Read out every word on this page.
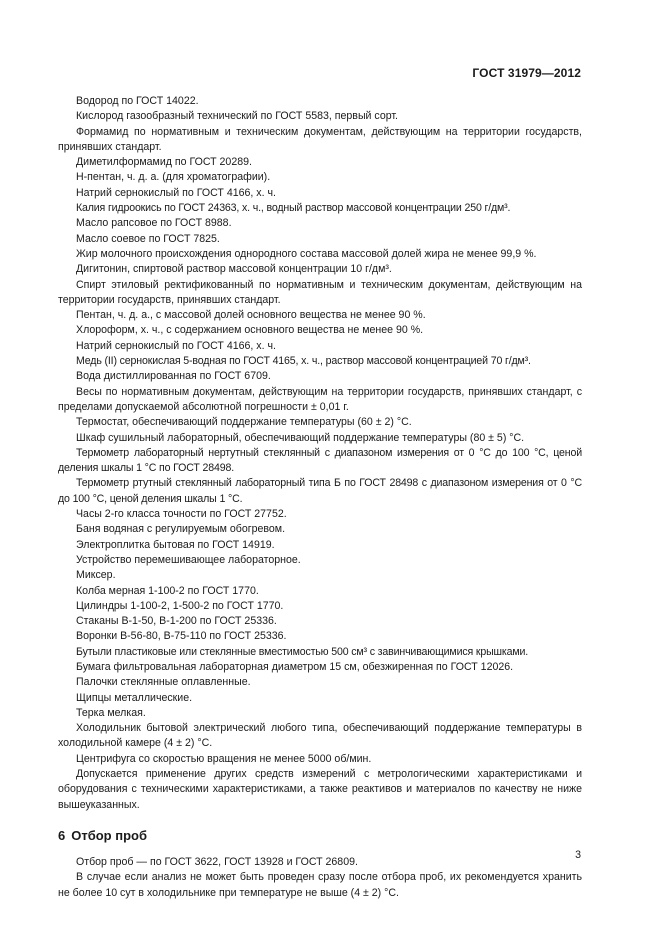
ГОСТ 31979—2012

Водород по ГОСТ 14022.

Кислород газообразный технический по ГОСТ 5583, первый сорт.

Формамид по нормативным и техническим документам, действующим на территории государств, принявших стандарт.

Диметилформамид по ГОСТ 20289.

Н-пентан, ч. д. а. (для хроматографии).

Натрий сернокислый по ГОСТ 4166, х. ч.

Калия гидроокись по ГОСТ 24363, х. ч., водный раствор массовой концентрации 250 г/дм³.

Масло рапсовое по ГОСТ 8988.

Масло соевое по ГОСТ 7825.

Жир молочного происхождения однородного состава массовой долей жира не менее 99,9 %.

Дигитонин, спиртовой раствор массовой концентрации 10 г/дм³.

Спирт этиловый ректификованный по нормативным и техническим документам, действующим на территории государств, принявших стандарт.

Пентан, ч. д. а., с массовой долей основного вещества не менее 90 %.

Хлороформ, х. ч., с содержанием основного вещества не менее 90 %.

Натрий сернокислый по ГОСТ 4166, х. ч.

Медь (II) сернокислая 5-водная по ГОСТ 4165, х. ч., раствор массовой концентрацией 70 г/дм³.

Вода дистиллированная по ГОСТ 6709.

Весы по нормативным документам, действующим на территории государств, принявших стандарт, с пределами допускаемой абсолютной погрешности ± 0,01 г.

Термостат, обеспечивающий поддержание температуры (60 ± 2) °С.

Шкаф сушильный лабораторный, обеспечивающий поддержание температуры (80 ± 5) °С.

Термометр лабораторный нертутный стеклянный с диапазоном измерения от 0 °С до 100 °С, ценой деления шкалы 1 °С по ГОСТ 28498.

Термометр ртутный стеклянный лабораторный типа Б по ГОСТ 28498 с диапазоном измерения от 0 °С до 100 °С, ценой деления шкалы 1 °С.

Часы 2-го класса точности по ГОСТ 27752.

Баня водяная с регулируемым обогревом.

Электроплитка бытовая по ГОСТ 14919.

Устройство перемешивающее лабораторное.

Миксер.

Колба мерная 1-100-2 по ГОСТ 1770.

Цилиндры 1-100-2, 1-500-2 по ГОСТ 1770.

Стаканы В-1-50, В-1-200 по ГОСТ 25336.

Воронки В-56-80, В-75-110 по ГОСТ 25336.

Бутыли пластиковые или стеклянные вместимостью 500 см³ с завинчивающимися крышками.

Бумага фильтровальная лабораторная диаметром 15 см, обезжиренная по ГОСТ 12026.

Палочки стеклянные оплавленные.

Щипцы металлические.

Терка мелкая.

Холодильник бытовой электрический любого типа, обеспечивающий поддержание температуры в холодильной камере (4 ± 2) °С.

Центрифуга со скоростью вращения не менее 5000 об/мин.

Допускается применение других средств измерений с метрологическими характеристиками и оборудования с техническими характеристиками, а также реактивов и материалов по качеству не ниже вышеуказанных.

6 Отбор проб

Отбор проб — по ГОСТ 3622, ГОСТ 13928 и ГОСТ 26809.

В случае если анализ не может быть проведен сразу после отбора проб, их рекомендуется хранить не более 10 сут в холодильнике при температуре не выше (4 ± 2) °С.

3
